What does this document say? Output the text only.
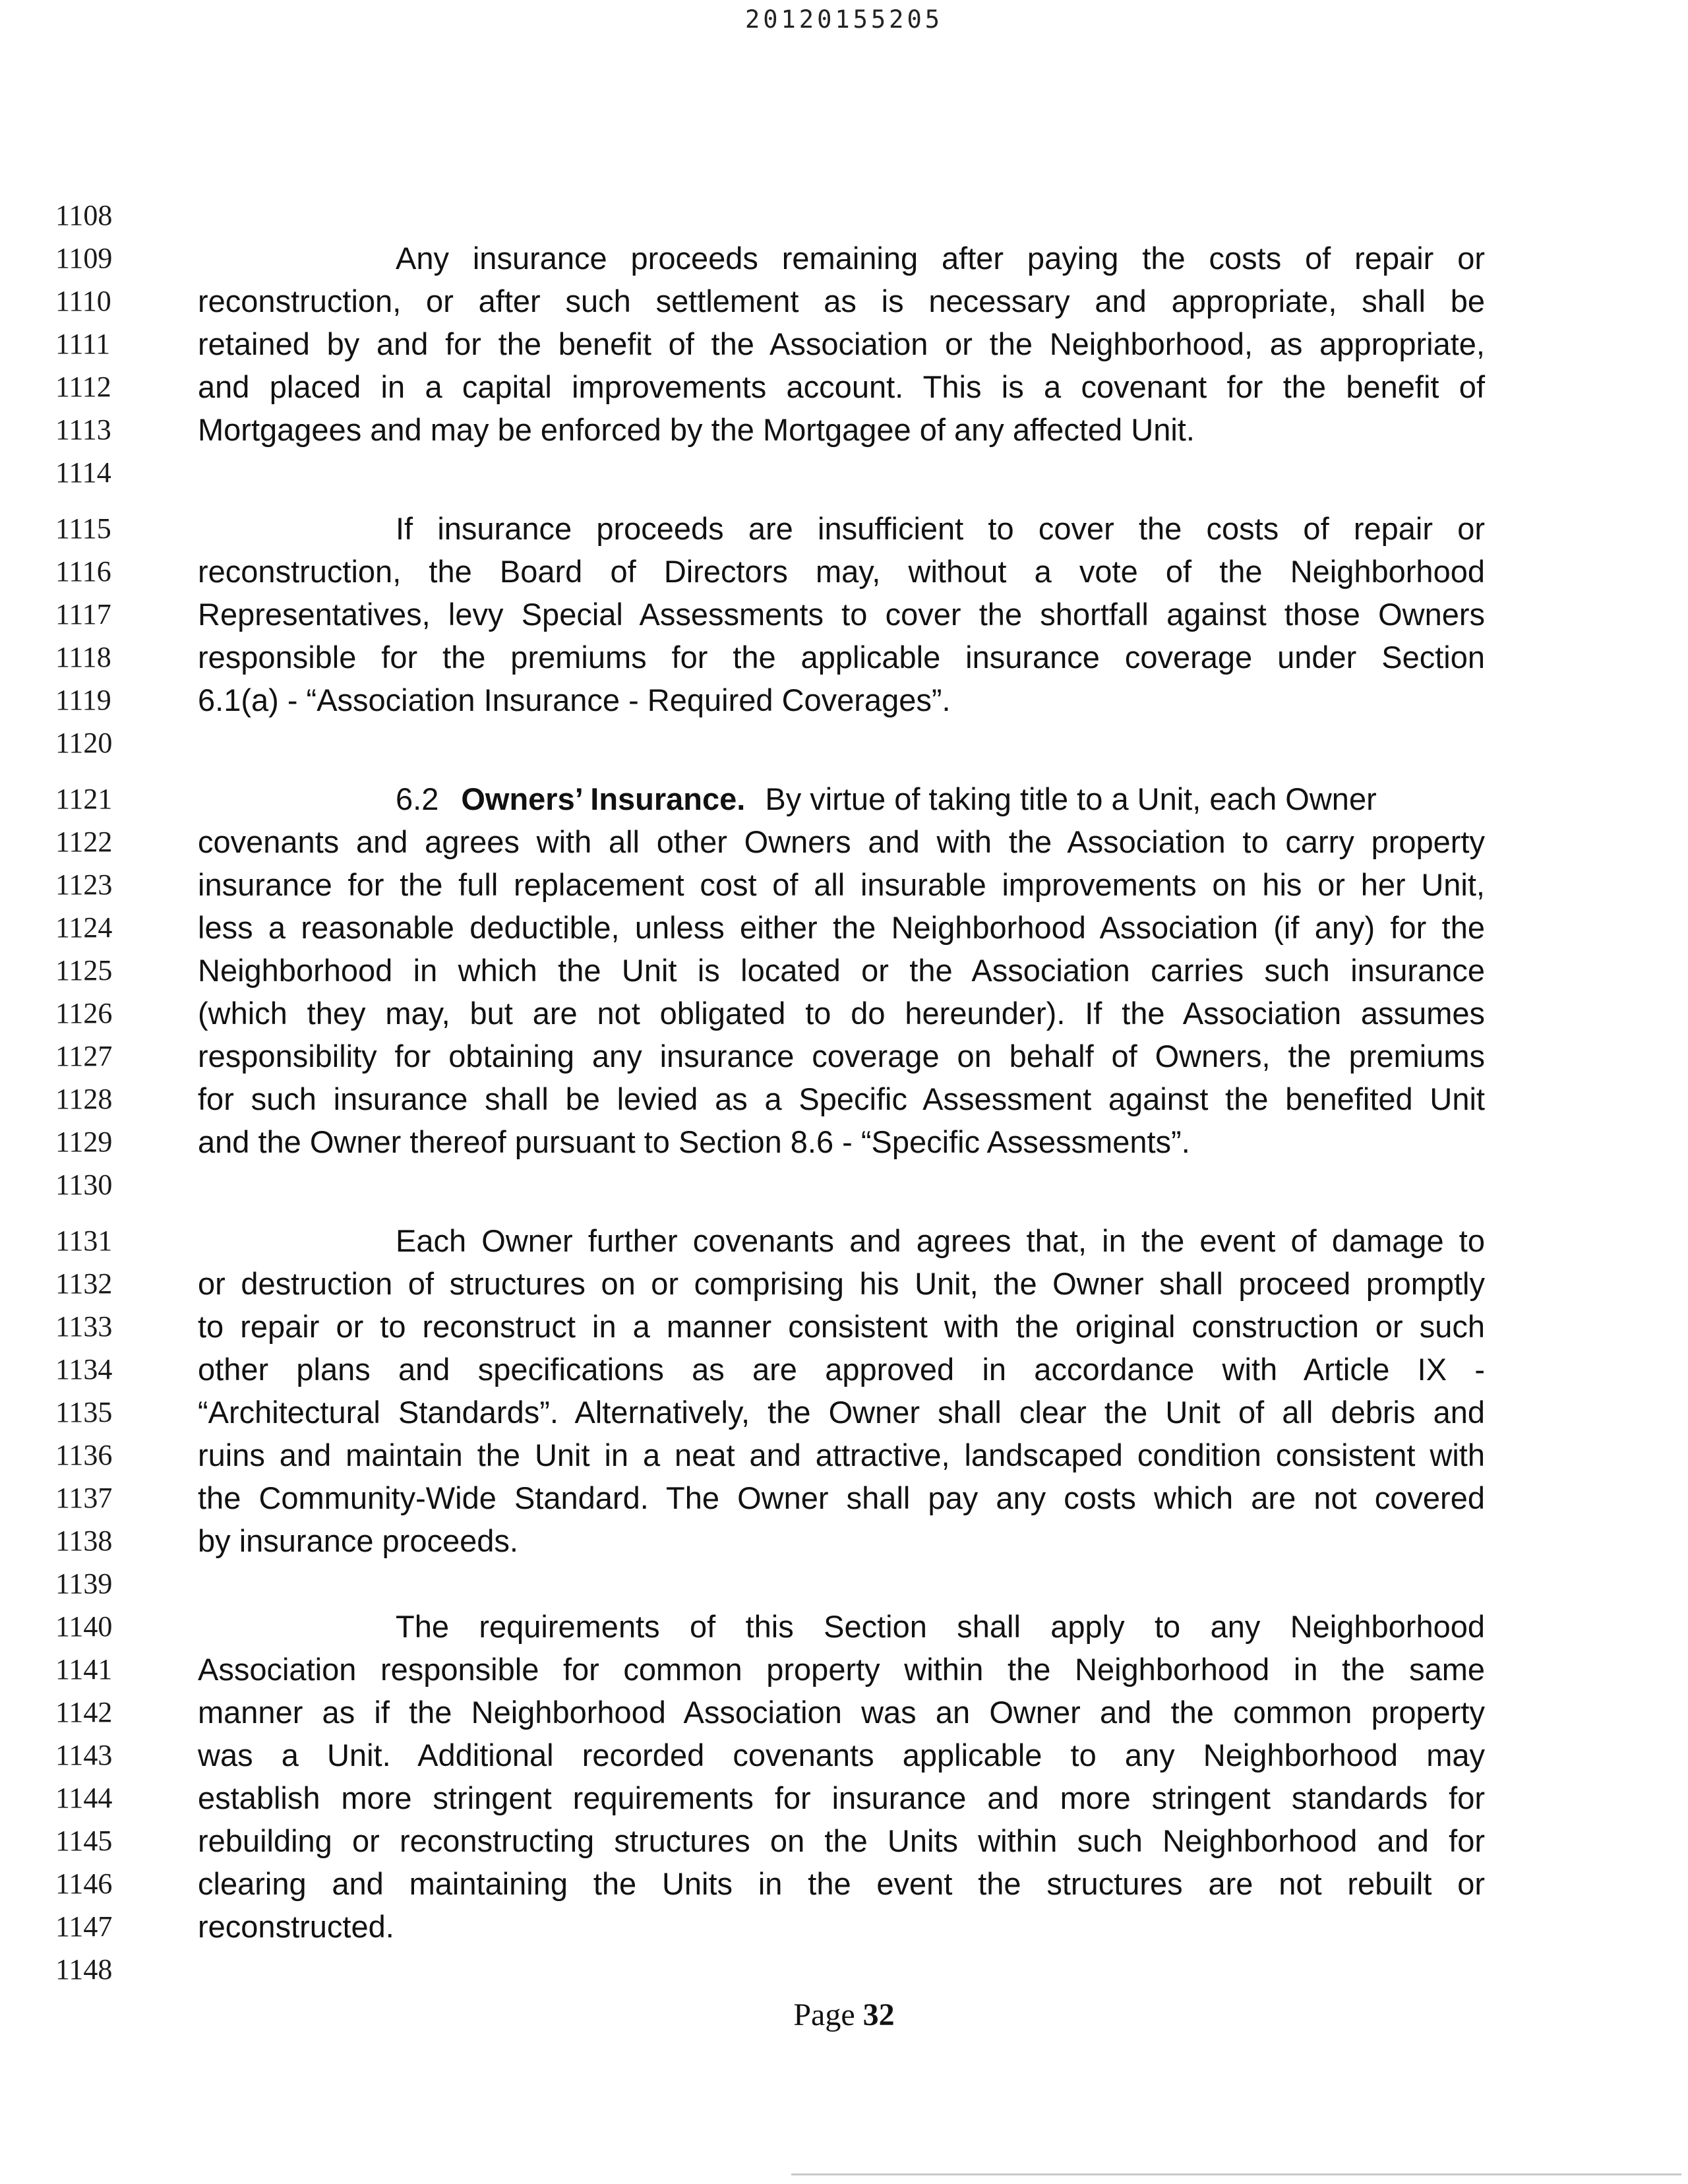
20120155205
1108
1109
1110
1111
1112
1113
1114
1115
1116
1117
1118
1119
1120
1121
1122
1123
1124
1125
1126
1127
1128
1129
1130
1131
1132
1133
1134
1135
1136
1137
1138
1139
1140
1141
1142
1143
1144
1145
1146
1147
1148
Any insurance proceeds remaining after paying the costs of repair or
reconstruction, or after such settlement as is necessary and appropriate, shall be
retained by and for the benefit of the Association or the Neighborhood, as appropriate,
and placed in a capital improvements account. This is a covenant for the benefit of
Mortgagees and may be enforced by the Mortgagee of any affected Unit.
If insurance proceeds are insufficient to cover the costs of repair or
reconstruction, the Board of Directors may, without a vote of the Neighborhood
Representatives, levy Special Assessments to cover the shortfall against those Owners
responsible for the premiums for the applicable insurance coverage under Section
6.1(a) - “Association Insurance - Required Coverages”.
6.2 Owners’ Insurance. By virtue of taking title to a Unit, each Owner
covenants and agrees with all other Owners and with the Association to carry property
insurance for the full replacement cost of all insurable improvements on his or her Unit,
less a reasonable deductible, unless either the Neighborhood Association (if any) for the
Neighborhood in which the Unit is located or the Association carries such insurance
(which they may, but are not obligated to do hereunder). If the Association assumes
responsibility for obtaining any insurance coverage on behalf of Owners, the premiums
for such insurance shall be levied as a Specific Assessment against the benefited Unit
and the Owner thereof pursuant to Section 8.6 - “Specific Assessments”.
Each Owner further covenants and agrees that, in the event of damage to
or destruction of structures on or comprising his Unit, the Owner shall proceed promptly
to repair or to reconstruct in a manner consistent with the original construction or such
other plans and specifications as are approved in accordance with Article IX -
“Architectural Standards”. Alternatively, the Owner shall clear the Unit of all debris and
ruins and maintain the Unit in a neat and attractive, landscaped condition consistent with
the Community-Wide Standard. The Owner shall pay any costs which are not covered
by insurance proceeds.
The requirements of this Section shall apply to any Neighborhood
Association responsible for common property within the Neighborhood in the same
manner as if the Neighborhood Association was an Owner and the common property
was a Unit. Additional recorded covenants applicable to any Neighborhood may
establish more stringent requirements for insurance and more stringent standards for
rebuilding or reconstructing structures on the Units within such Neighborhood and for
clearing and maintaining the Units in the event the structures are not rebuilt or
reconstructed.
Page 32
